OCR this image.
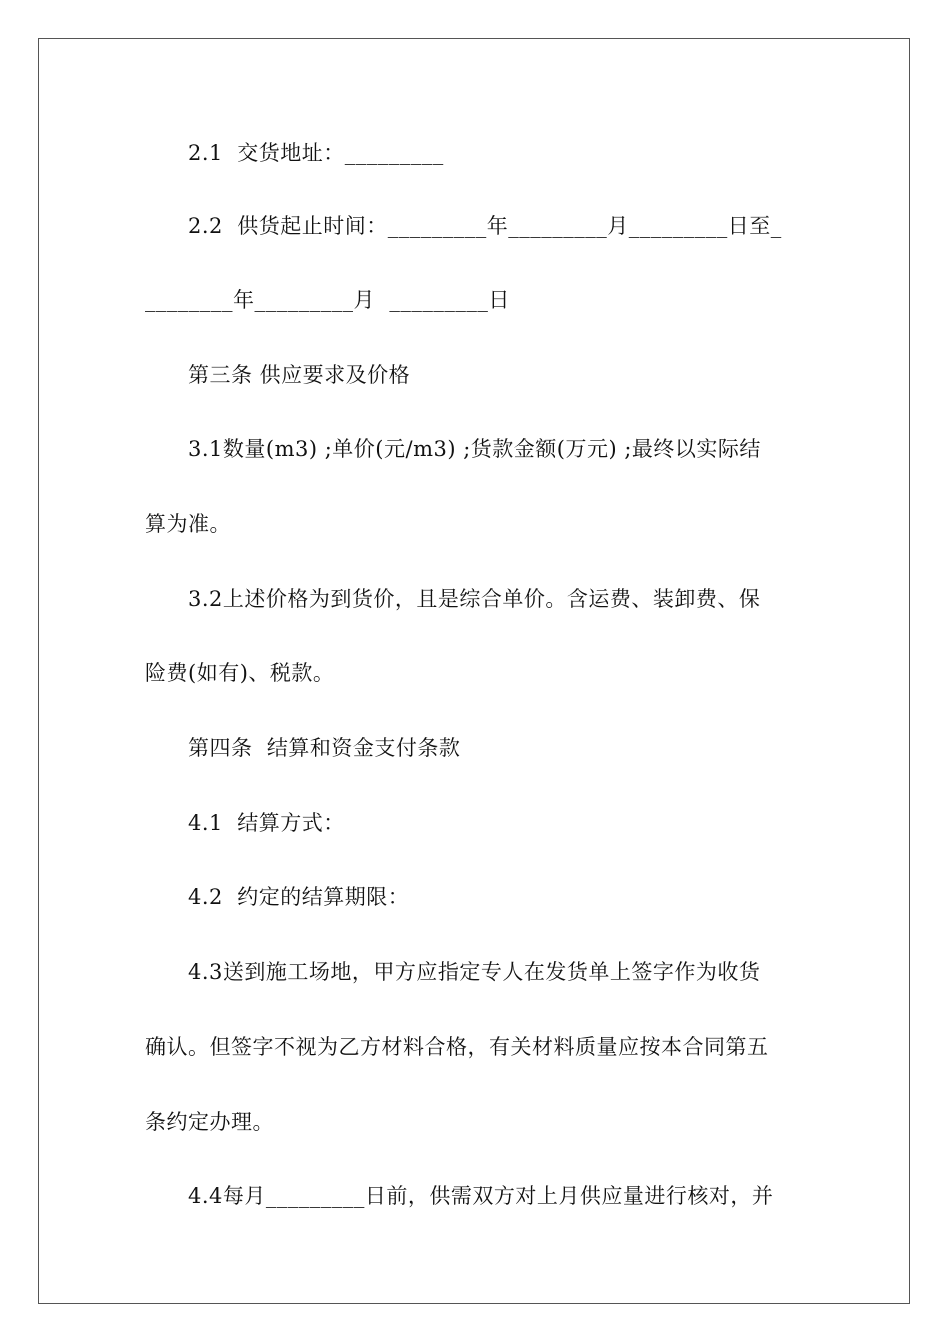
2.1  交货地址：_________
2.2  供货起止时间：_________年_________月_________日至_
________年_________月  _________日
第三条 供应要求及价格
3.1数量(m3) ;单价(元/m3) ;货款金额(万元) ;最终以实际结
算为准。
3.2上述价格为到货价，且是综合单价。含运费、装卸费、保
险费(如有)、税款。
第四条  结算和资金支付条款
4.1  结算方式：
4.2  约定的结算期限：
4.3送到施工场地，甲方应指定专人在发货单上签字作为收货
确认。但签字不视为乙方材料合格，有关材料质量应按本合同第五
条约定办理。
4.4每月_________日前，供需双方对上月供应量进行核对，并
